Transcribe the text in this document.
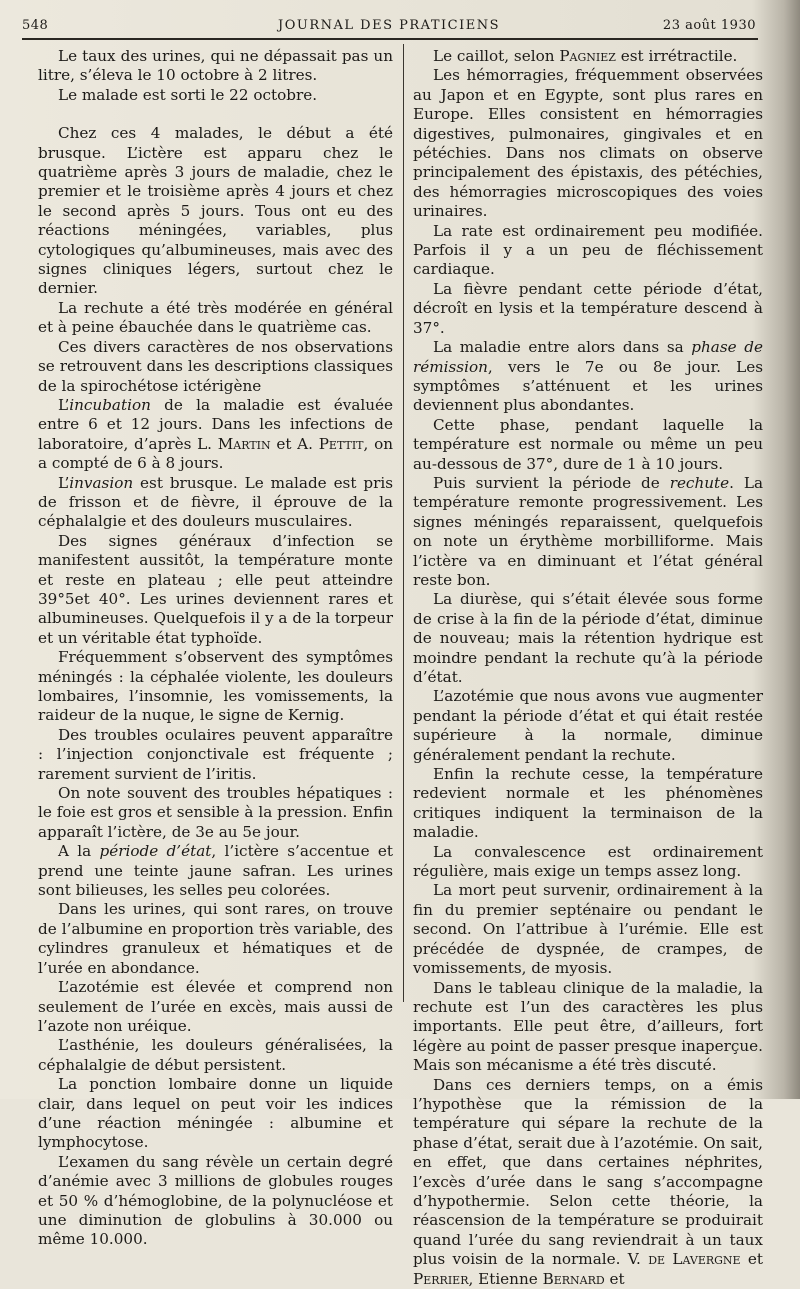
548	JOURNAL DES PRATICIENS	23 août 1930

Le taux des urines, qui ne dépassait pas un litre, s’éleva le 10 octobre à 2 litres.

Le malade est sorti le 22 octobre.

Chez ces 4 malades, le début a été brusque. L’ictère est apparu chez le quatrième après 3 jours de maladie, chez le premier et le troisième après 4 jours et chez le second après 5 jours. Tous ont eu des réactions méningées, variables, plus cytologiques qu’albumineuses, mais avec des signes cliniques légers, surtout chez le dernier.

La rechute a été très modérée en général et à peine ébauchée dans le quatrième cas.

Ces divers caractères de nos observations se retrouvent dans les descriptions classiques de la spirochétose ictérigène

L’incubation de la maladie est évaluée entre 6 et 12 jours. Dans les infections de laboratoire, d’après L. Martin et A. Pettit, on a compté de 6 à 8 jours.

L’invasion est brusque. Le malade est pris de frisson et de fièvre, il éprouve de la céphalalgie et des douleurs musculaires.

Des signes généraux d’infection se manifestent aussitôt, la température monte et reste en plateau ; elle peut atteindre 39°5et 40°. Les urines deviennent rares et albumineuses. Quelquefois il y a de la torpeur et un véritable état typhoïde.

Fréquemment s’observent des symptômes méningés : la céphalée violente, les douleurs lombaires, l’insomnie, les vomissements, la raideur de la nuque, le signe de Kernig.

Des troubles oculaires peuvent apparaître : l’injection conjonctivale est fréquente ; rarement survient de l’iritis.

On note souvent des troubles hépatiques : le foie est gros et sensible à la pression. Enfin apparaît l’ictère, de 3e au 5e jour.

A la période d’état, l’ictère s’accentue et prend une teinte jaune safran. Les urines sont bilieuses, les selles peu colorées.

Dans les urines, qui sont rares, on trouve de l’albumine en proportion très variable, des cylindres granuleux et hématiques et de l’urée en abondance.

L’azotémie est élevée et comprend non seulement de l’urée en excès, mais aussi de l’azote non uréique.

L’asthénie, les douleurs généralisées, la céphalalgie de début persistent.

La ponction lombaire donne un liquide clair, dans lequel on peut voir les indices d’une réaction méningée : albumine et lymphocytose.

L’examen du sang révèle un certain degré d’anémie avec 3 millions de globules rouges et 50 % d’hémoglobine, de la polynucléose et une diminution de globulins à 30.000 ou même 10.000.

Le caillot, selon Pagniez est irrétractile.

Les hémorragies, fréquemment observées au Japon et en Egypte, sont plus rares en Europe. Elles consistent en hémorragies digestives, pulmonaires, gingivales et en pétéchies. Dans nos climats on observe principalement des épistaxis, des pétéchies, des hémorragies microscopiques des voies urinaires.

La rate est ordinairement peu modifiée. Parfois il y a un peu de fléchissement cardiaque.

La fièvre pendant cette période d’état, décroît en lysis et la température descend à 37°.

La maladie entre alors dans sa phase de rémission, vers le 7e ou 8e jour. Les symptômes s’atténuent et les urines deviennent plus abondantes.

Cette phase, pendant laquelle la température est normale ou même un peu au-dessous de 37°, dure de 1 à 10 jours.

Puis survient la période de rechute. La température remonte progressivement. Les signes méningés reparaissent, quelquefois on note un érythème morbilliforme. Mais l’ictère va en diminuant et l’état général reste bon.

La diurèse, qui s’était élevée sous forme de crise à la fin de la période d’état, diminue de nouveau; mais la rétention hydrique est moindre pendant la rechute qu’à la période d’état.

L’azotémie que nous avons vue augmenter pendant la période d’état et qui était restée supérieure à la normale, diminue généralement pendant la rechute.

Enfin la rechute cesse, la température redevient normale et les phénomènes critiques indiquent la terminaison de la maladie.

La convalescence est ordinairement régulière, mais exige un temps assez long.

La mort peut survenir, ordinairement à la fin du premier septénaire ou pendant le second. On l’attribue à l’urémie. Elle est précédée de dyspnée, de crampes, de vomissements, de myosis.

Dans le tableau clinique de la maladie, la rechute est l’un des caractères les plus importants. Elle peut être, d’ailleurs, fort légère au point de passer presque inaperçue. Mais son mécanisme a été très discuté.

Dans ces derniers temps, on a émis l’hypothèse que la rémission de la température qui sépare la rechute de la phase d’état, serait due à l’azotémie. On sait, en effet, que dans certaines néphrites, l’excès d’urée dans le sang s’accompagne d’hypothermie. Selon cette théorie, la réascension de la température se produirait quand l’urée du sang reviendrait à un taux plus voisin de la normale. V. de Lavergne et Perrier, Etienne Bernard et
